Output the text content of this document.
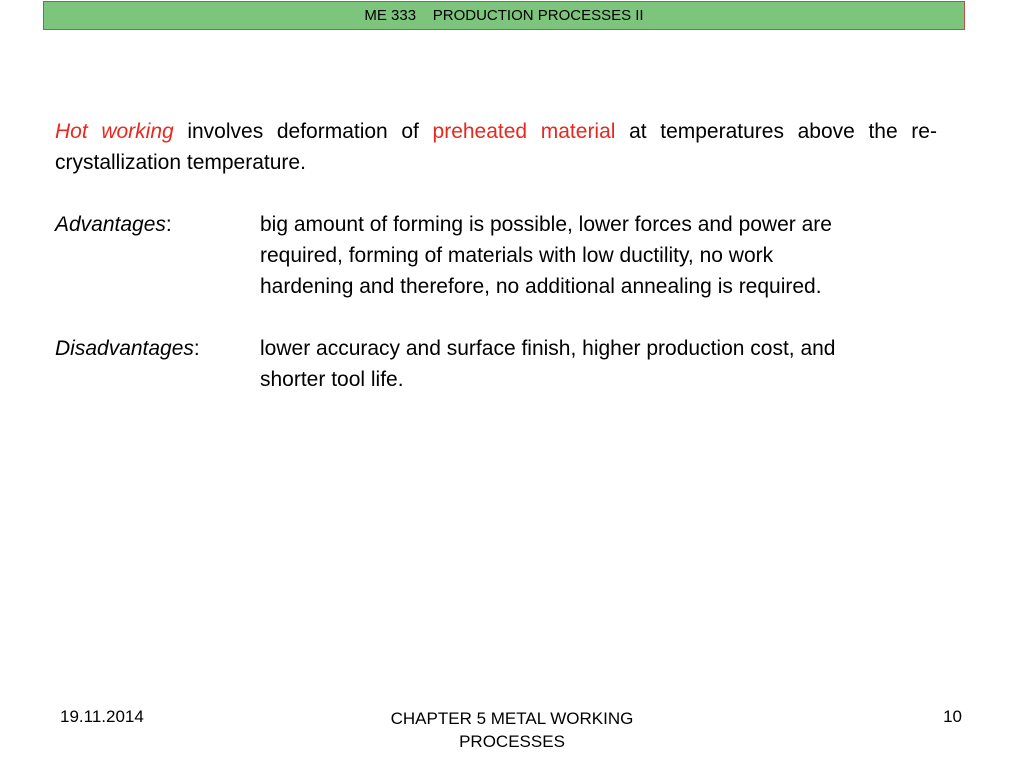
ME 333    PRODUCTION PROCESSES II

Hot working involves deformation of preheated material at temperatures above the re-crystallization temperature.

Advantages:	big amount of forming is possible, lower forces and power are required, forming of materials with low ductility, no work hardening and therefore, no additional annealing is required.
Disadvantages:	lower accuracy and surface finish, higher production cost, and shorter tool life.
19.11.2014	CHAPTER 5 METAL WORKING PROCESSES
10
